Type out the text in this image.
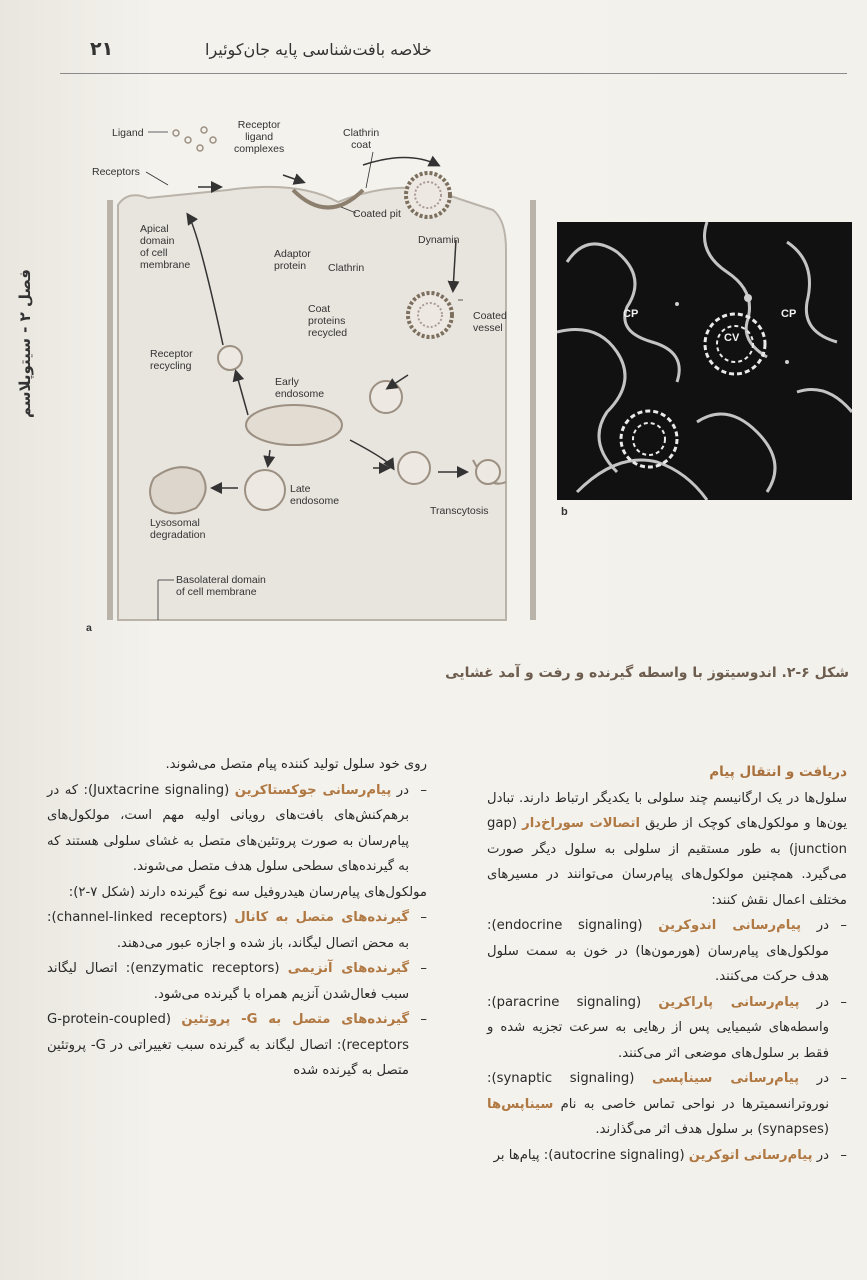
۲۱	خلاصه بافت‌شناسی پایه جان‌کوئیرا
فصل ۲ - سیتوپلاسم
Ligand
Receptor
ligand
complexes
Clathrin
coat
Receptors
Coated pit
Apical
domain
of cell
membrane
Adaptor
protein	Clathrin
Dynamin
Coat
proteins
recycled
Coated
vessel
Receptor
recycling
Early
endosome
Late
endosome
Lysosomal
degradation
Transcytosis
Basolateral domain
of cell membrane
a
CP
CV
CP
b
شکل ۶-۲. اندوسیتوز با واسطه گیرنده و رفت و آمد غشایی

دریافت و انتقال پیام

سلول‌ها در یک ارگانیسم چند سلولی با یکدیگر ارتباط دارند. تبادل یون‌ها و مولکول‌های کوچک از طریق اتصالات سوراخ‌دار (gap junction) به طور مستقیم از سلولی به سلول دیگر صورت می‌گیرد. همچنین مولکول‌های پیام‌رسان می‌توانند در مسیرهای مختلف اعمال نقش کنند:

–
در پیام‌رسانی اندوکرین (endocrine signaling): مولکول‌های پیام‌رسان (هورمون‌ها) در خون به سمت سلول هدف حرکت می‌کنند.

–
در پیام‌رسانی پاراکرین (paracrine signaling): واسطه‌های شیمیایی پس از رهایی به سرعت تجزیه شده و فقط بر سلول‌های موضعی اثر می‌کنند.

–
در پیام‌رسانی سیناپسی (synaptic signaling): نوروترانسمیترها در نواحی تماس خاصی به نام سیناپس‌ها (synapses) بر سلول هدف اثر می‌گذارند.

–
در پیام‌رسانی اتوکرین (autocrine signaling): پیام‌ها بر

روی خود سلول تولید کننده پیام متصل می‌شوند.

–
در پیام‌رسانی جوکستاکرین (Juxtacrine signaling): که در برهم‌کنش‌های بافت‌های رویانی اولیه مهم است، مولکول‌های پیام‌رسان به صورت پروتئین‌های متصل به غشای سلولی هستند که به گیرنده‌های سطحی سلول هدف متصل می‌شوند.

مولکول‌های پیام‌رسان هیدروفیل سه نوع گیرنده دارند (شکل ۷-۲):

–
گیرنده‌های متصل به کانال (channel-linked receptors): به محض اتصال لیگاند، باز شده و اجازه عبور می‌دهند.

–
گیرنده‌های آنزیمی (enzymatic receptors): اتصال لیگاند سبب فعال‌شدن آنزیم همراه با گیرنده می‌شود.

–
گیرنده‌های متصل به G- پروتئین (G-protein-coupled receptors): اتصال لیگاند به گیرنده سبب تغییراتی در G- پروتئین متصل به گیرنده شده
